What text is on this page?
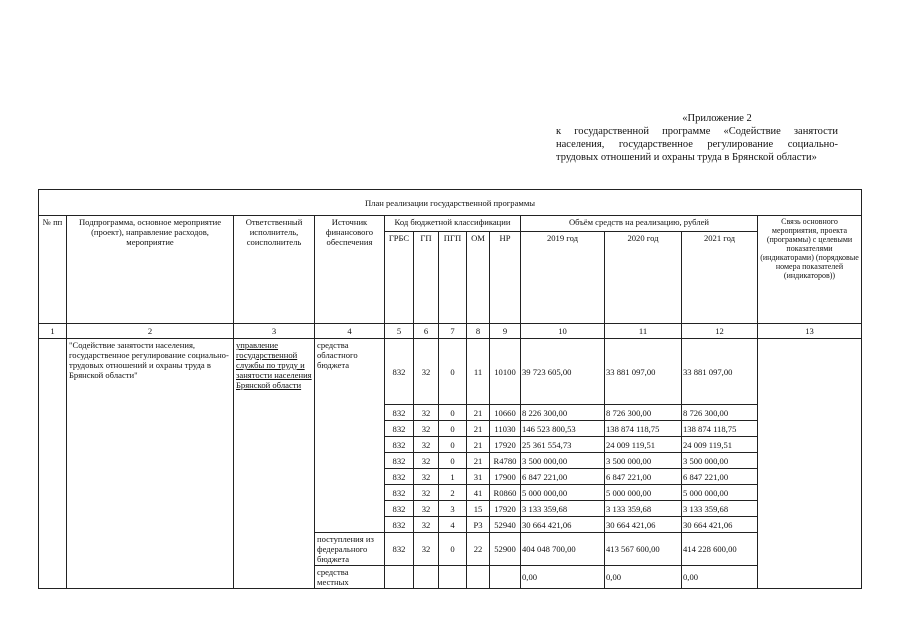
«Приложение 2
к государственной программе «Содействие занятости населения, государственное регулирование социально-трудовых отношений и охраны труда в Брянской области»
План реализации государственной программы												
№ пп	Подпрограмма, основное мероприятие (проект), направление расходов, мероприятие	Ответственный исполнитель, соисполнитель	Источник финансового обеспечения	Код бюджетной классификации					Объём средств на реализацию, рублей			Связь основного мероприятия, проекта (программы) с целевыми показателями (индикаторами) (порядковые номера показателей (индикаторов))
				ГРБС	ГП	ПГП	ОМ	НР	2019 год	2020 год	2021 год	
1	2	3	4	5	6	7	8	9	10	11	12	13
	"Содействие занятости населения, государственное регулирование социально-трудовых отношений и охраны труда в Брянской области"	управление государственной службы по труду и занятости населения Брянской области	средства областного бюджета	832	32	0	11	10100	39 723 605,00	33 881 097,00	33 881 097,00	
				832	32	0	21	10660	8 226 300,00	8 726 300,00	8 726 300,00	
				832	32	0	21	11030	146 523 800,53	138 874 118,75	138 874 118,75	
				832	32	0	21	17920	25 361 554,73	24 009 119,51	24 009 119,51	
				832	32	0	21	R4780	3 500 000,00	3 500 000,00	3 500 000,00	
				832	32	1	31	17900	6 847 221,00	6 847 221,00	6 847 221,00	
				832	32	2	41	R0860	5 000 000,00	5 000 000,00	5 000 000,00	
				832	32	3	15	17920	3 133 359,68	3 133 359,68	3 133 359,68	
				832	32	4	Р3	52940	30 664 421,06	30 664 421,06	30 664 421,06	
			поступления из федерального бюджета	832	32	0	22	52900	404 048 700,00	413 567 600,00	414 228 600,00	
			средства местных						0,00	0,00	0,00	
